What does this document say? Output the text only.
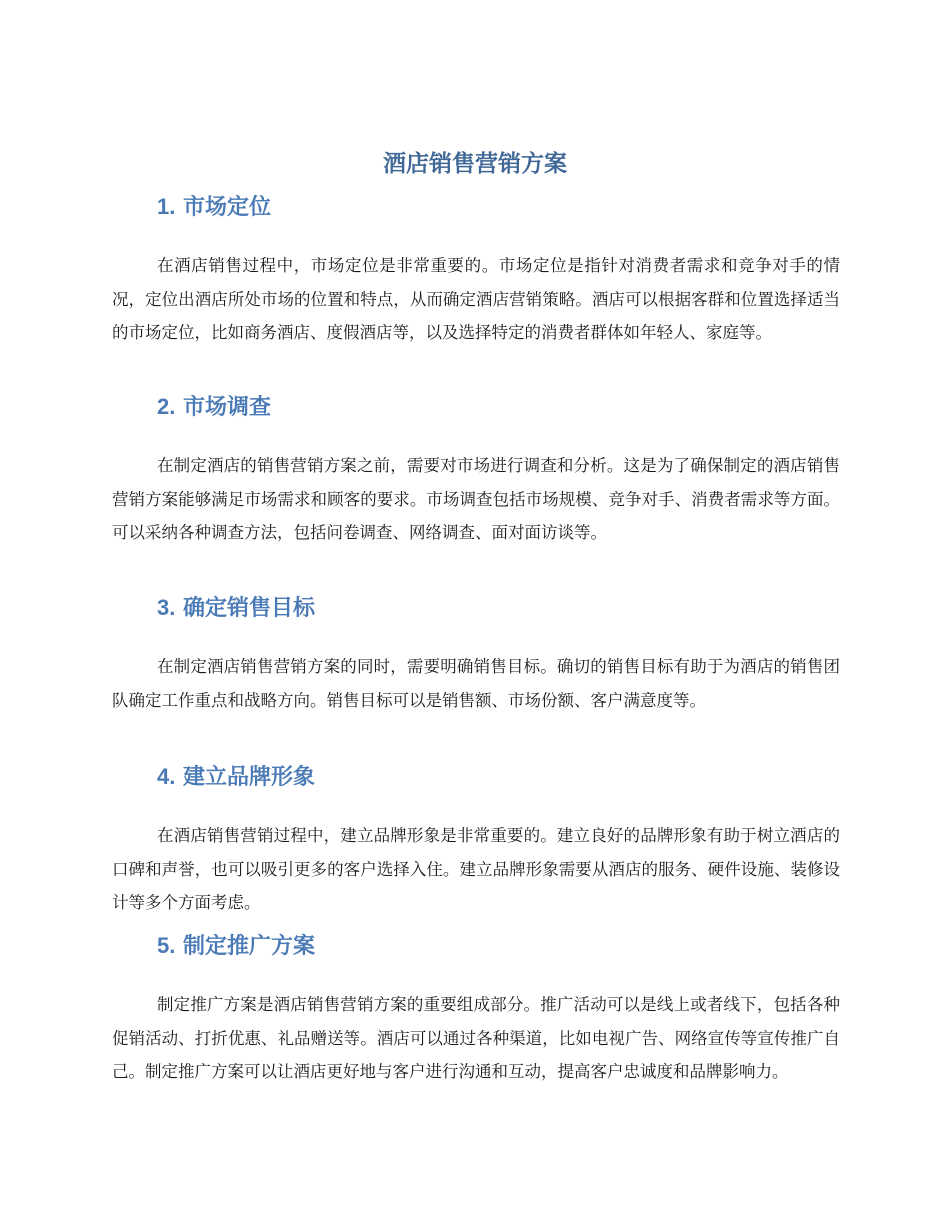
酒店销售营销方案
1. 市场定位

在酒店销售过程中，市场定位是非常重要的。市场定位是指针对消费者需求和竞争对手的情况，定位出酒店所处市场的位置和特点，从而确定酒店营销策略。酒店可以根据客群和位置选择适当的市场定位，比如商务酒店、度假酒店等，以及选择特定的消费者群体如年轻人、家庭等。

2. 市场调查

在制定酒店的销售营销方案之前，需要对市场进行调查和分析。这是为了确保制定的酒店销售营销方案能够满足市场需求和顾客的要求。市场调查包括市场规模、竞争对手、消费者需求等方面。可以采纳各种调查方法，包括问卷调查、网络调查、面对面访谈等。

3. 确定销售目标

在制定酒店销售营销方案的同时，需要明确销售目标。确切的销售目标有助于为酒店的销售团队确定工作重点和战略方向。销售目标可以是销售额、市场份额、客户满意度等。

4. 建立品牌形象

在酒店销售营销过程中，建立品牌形象是非常重要的。建立良好的品牌形象有助于树立酒店的口碑和声誉，也可以吸引更多的客户选择入住。建立品牌形象需要从酒店的服务、硬件设施、装修设计等多个方面考虑。

5. 制定推广方案

制定推广方案是酒店销售营销方案的重要组成部分。推广活动可以是线上或者线下，包括各种促销活动、打折优惠、礼品赠送等。酒店可以通过各种渠道，比如电视广告、网络宣传等宣传推广自己。制定推广方案可以让酒店更好地与客户进行沟通和互动，提高客户忠诚度和品牌影响力。
